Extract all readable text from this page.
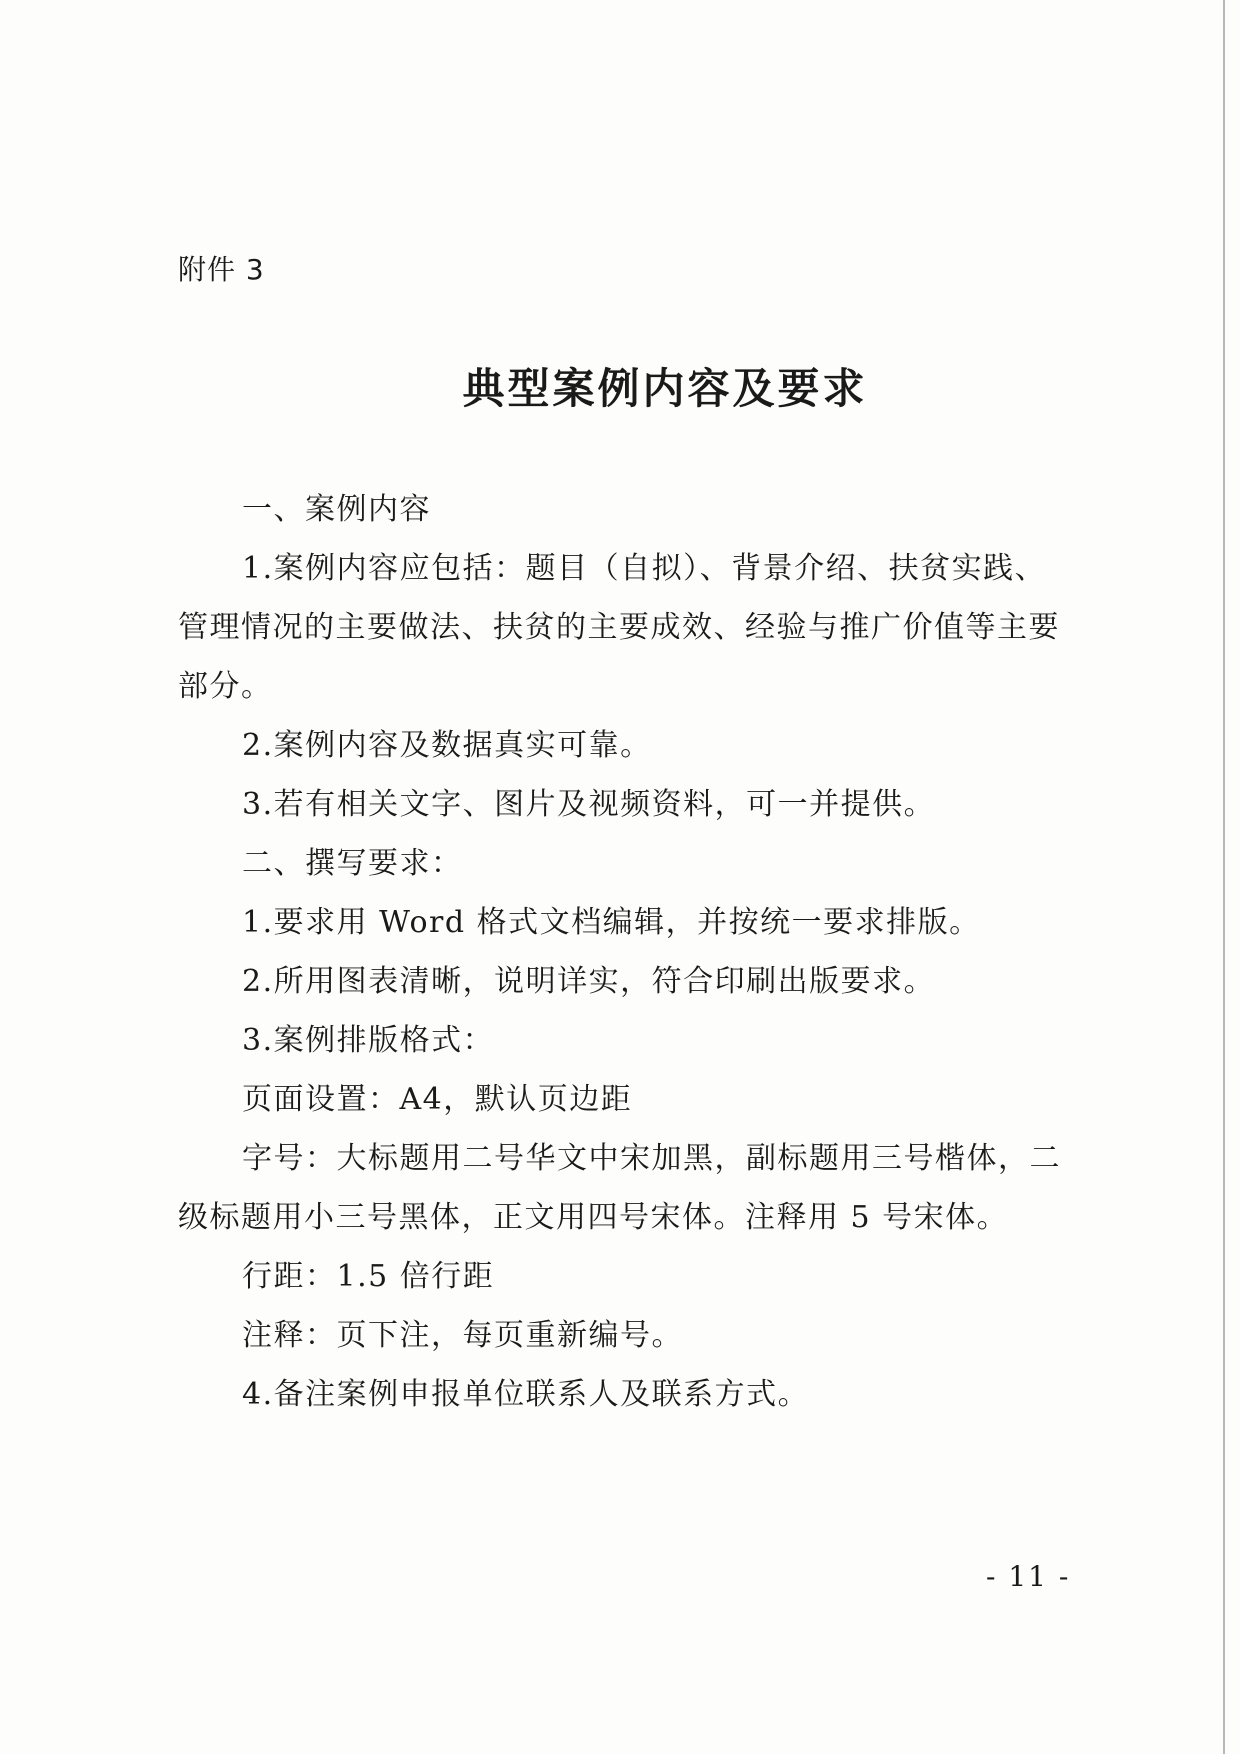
附件 3
典型案例内容及要求
一、案例内容
1.案例内容应包括：题目（自拟）、背景介绍、扶贫实践、
管理情况的主要做法、扶贫的主要成效、经验与推广价值等主要
部分。
2.案例内容及数据真实可靠。
3.若有相关文字、图片及视频资料，可一并提供。
二、撰写要求：
1.要求用 Word 格式文档编辑，并按统一要求排版。
2.所用图表清晰，说明详实，符合印刷出版要求。
3.案例排版格式：
页面设置：A4，默认页边距
字号：大标题用二号华文中宋加黑，副标题用三号楷体，二
级标题用小三号黑体，正文用四号宋体。注释用 5 号宋体。
行距：1.5 倍行距
注释：页下注，每页重新编号。
4.备注案例申报单位联系人及联系方式。
- 11 -
